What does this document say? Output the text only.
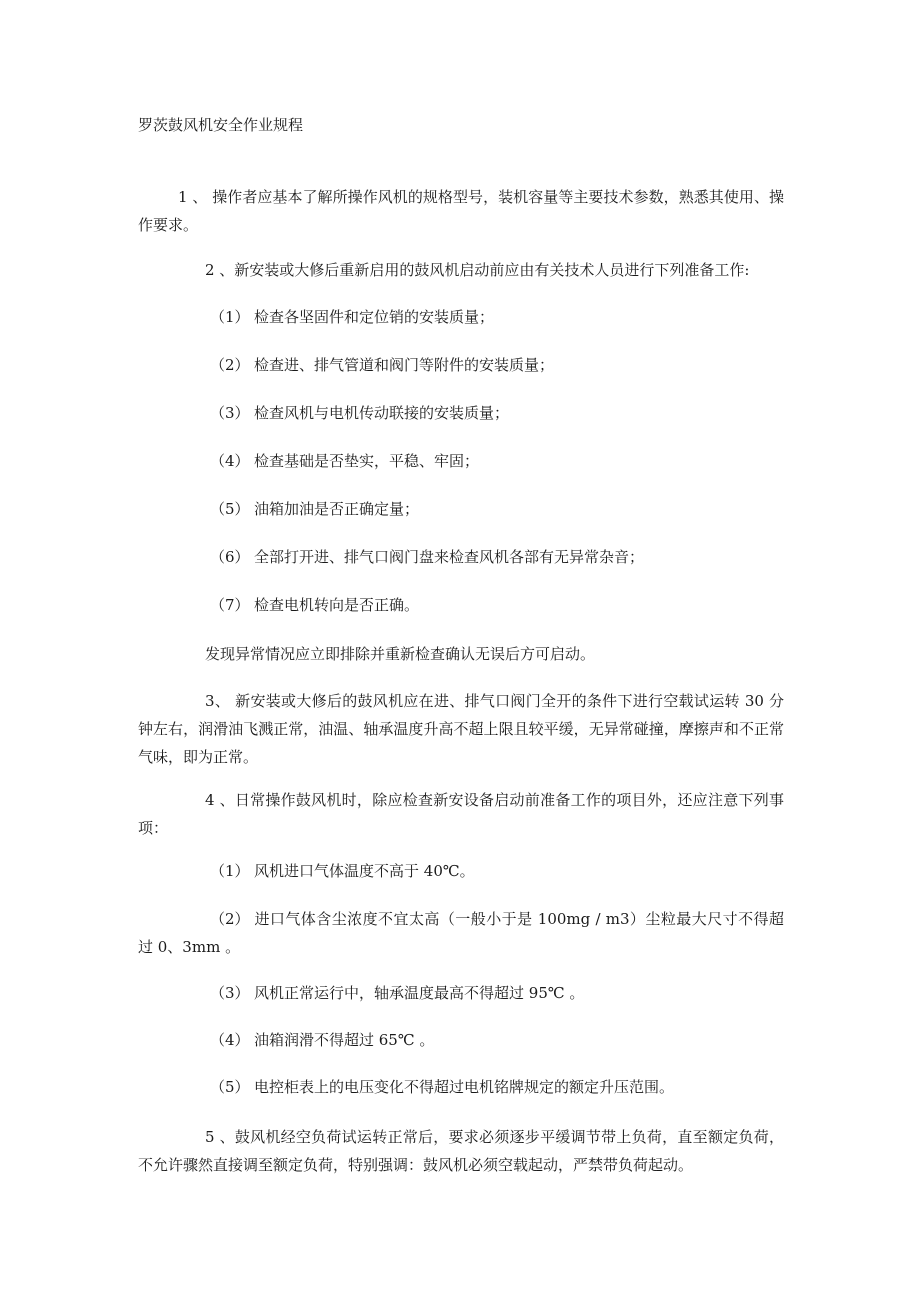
罗茨鼓风机安全作业规程
1 、 操作者应基本了解所操作风机的规格型号，装机容量等主要技术参数，熟悉其使用、操作要求。
2 、新安装或大修后重新启用的鼓风机启动前应由有关技术人员进行下列准备工作:
（1） 检查各坚固件和定位销的安装质量；
（2） 检查进、排气管道和阀门等附件的安装质量；
（3） 检查风机与电机传动联接的安装质量；
（4） 检查基础是否垫实，平稳、牢固；
（5） 油箱加油是否正确定量；
（6） 全部打开进、排气口阀门盘来检查风机各部有无异常杂音；
（7） 检查电机转向是否正确。
发现异常情况应立即排除并重新检查确认无误后方可启动。
3、 新安装或大修后的鼓风机应在进、排气口阀门全开的条件下进行空载试运转 30 分钟左右，润滑油飞溅正常，油温、轴承温度升高不超上限且较平缓，无异常碰撞，摩擦声和不正常气味，即为正常。
4 、日常操作鼓风机时，除应检查新安设备启动前准备工作的项目外，还应注意下列事项：
（1） 风机进口气体温度不高于 40℃。
（2） 进口气体含尘浓度不宜太高（一般小于是 100mg / m3）尘粒最大尺寸不得超过 0、3mm 。
（3） 风机正常运行中，轴承温度最高不得超过 95℃ 。
（4） 油箱润滑不得超过 65℃ 。
（5） 电控柜表上的电压变化不得超过电机铭牌规定的额定升压范围。
5 、鼓风机经空负荷试运转正常后，要求必须逐步平缓调节带上负荷，直至额定负荷，不允许骤然直接调至额定负荷，特别强调：鼓风机必须空载起动，严禁带负荷起动。
